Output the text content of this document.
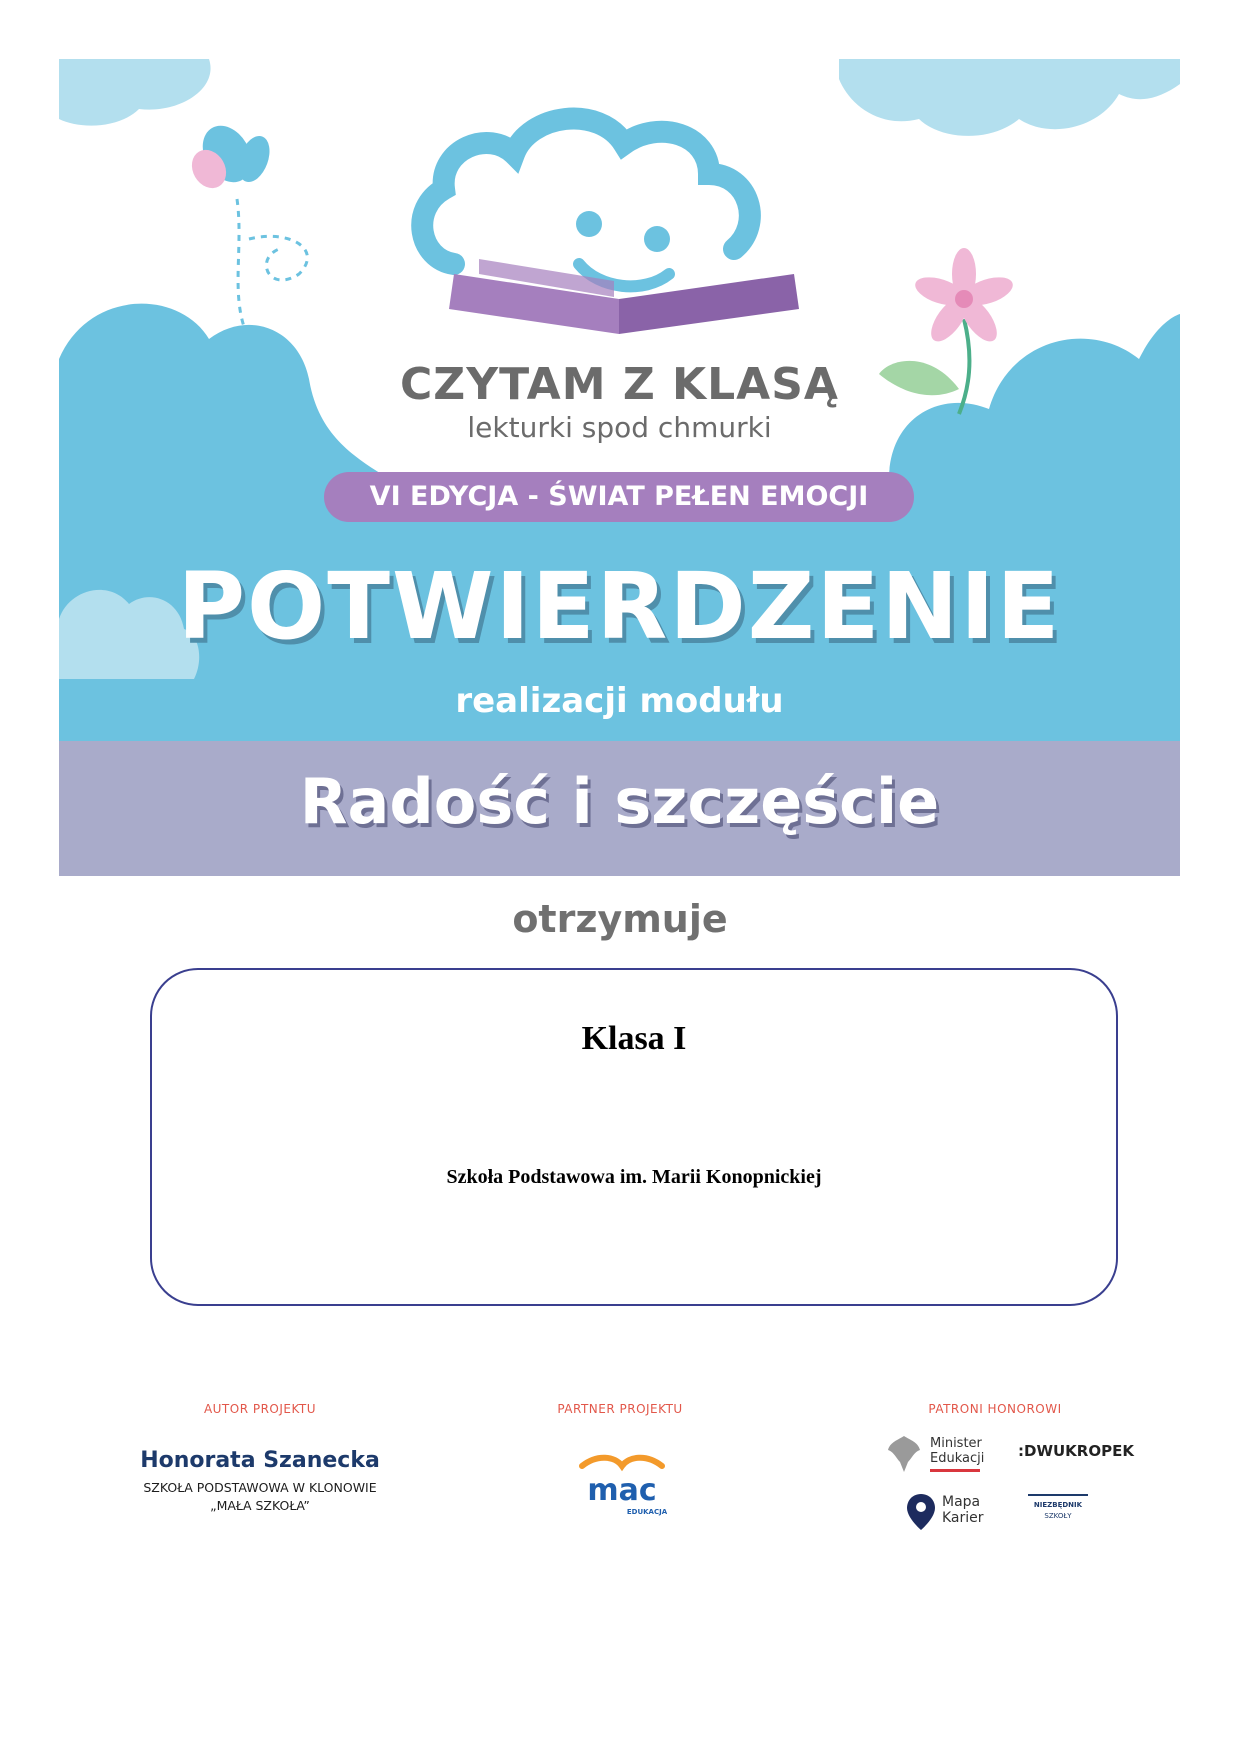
CZYTAM Z KLASĄ
lekturki spod chmurki
VI EDYCJA - ŚWIAT PEŁEN EMOCJI
POTWIERDZENIE
realizacji modułu
Radość i szczęście
otrzymuje
Klasa I
Szkoła Podstawowa im. Marii Konopnickiej
AUTOR PROJEKTU
Honorata Szanecka
SZKOŁA PODSTAWOWA W KLONOWIE
„MAŁA SZKOŁA”
PARTNER PROJEKTU
mac
EDUKACJA
PATRONI HONOROWI
Minister
Edukacji :DWUKROPEK
Mapa
Karier
NIEZBĘDNIK
SZKOŁY
